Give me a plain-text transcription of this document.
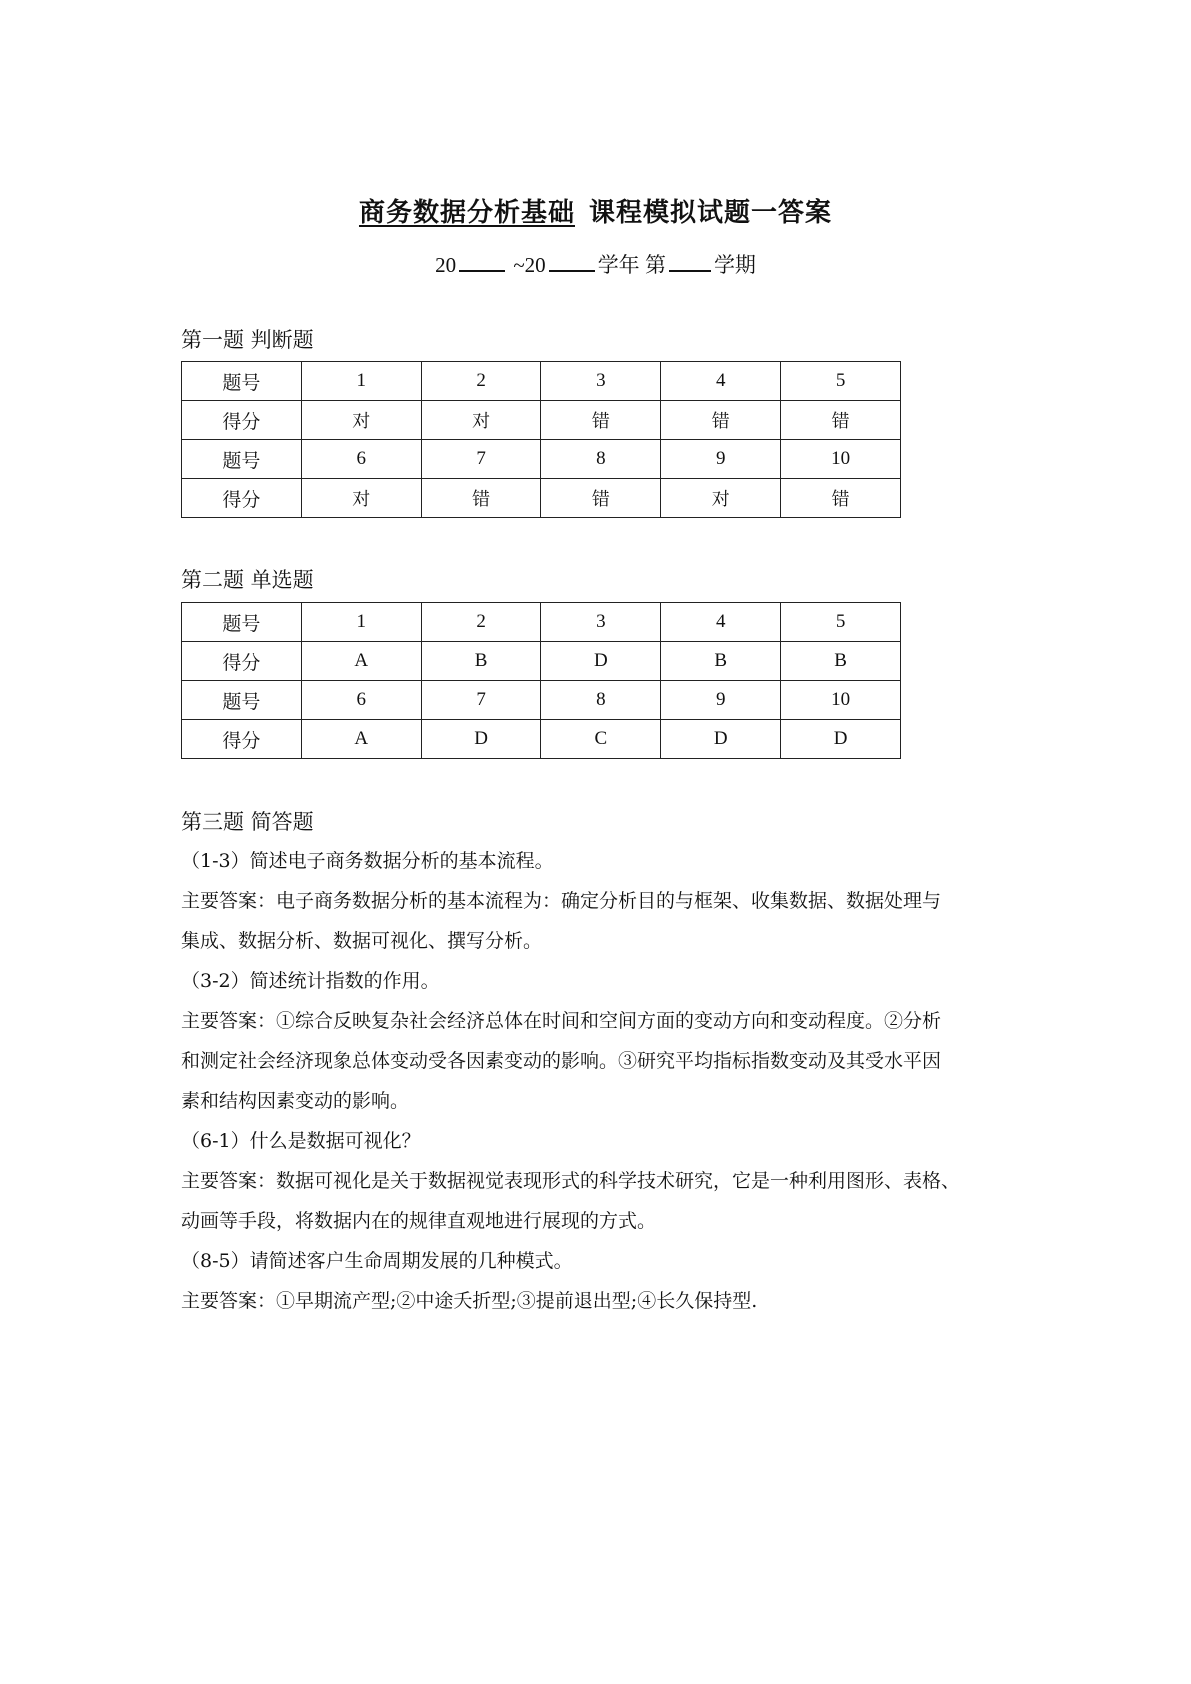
商务数据分析基础 课程模拟试题一答案
20	~20 学年 第 学期
第一题 判断题
题号	1	2	3	4	5
得分	对	对	错	错	错
题号	6	7	8	9	10
得分	对	错	错	对	错
第二题 单选题
题号	1	2	3	4	5
得分	A	B	D	B	B
题号	6	7	8	9	10
得分	A	D	C	D	D
第三题 简答题

（1-3）简述电子商务数据分析的基本流程。

主要答案：电子商务数据分析的基本流程为：确定分析目的与框架、收集数据、数据处理与

集成、数据分析、数据可视化、撰写分析。

（3-2）简述统计指数的作用。

主要答案：①综合反映复杂社会经济总体在时间和空间方面的变动方向和变动程度。②分析

和测定社会经济现象总体变动受各因素变动的影响。③研究平均指标指数变动及其受水平因

素和结构因素变动的影响。

（6-1）什么是数据可视化？

主要答案：数据可视化是关于数据视觉表现形式的科学技术研究，它是一种利用图形、表格、

动画等手段，将数据内在的规律直观地进行展现的方式。

（8-5）请简述客户生命周期发展的几种模式。

主要答案：①早期流产型;②中途夭折型;③提前退出型;④长久保持型.
